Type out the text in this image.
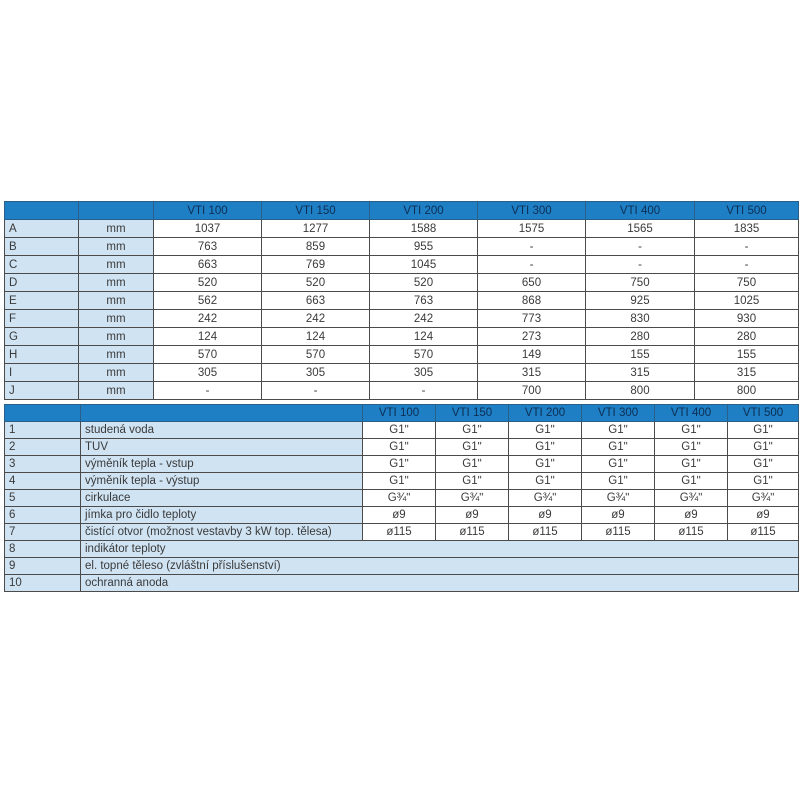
		VTI 100	VTI 150	VTI 200	VTI 300	VTI 400	VTI 500
A	mm	1037	1277	1588	1575	1565	1835
B	mm	763	859	955	-	-	-
C	mm	663	769	1045	-	-	-
D	mm	520	520	520	650	750	750
E	mm	562	663	763	868	925	1025
F	mm	242	242	242	773	830	930
G	mm	124	124	124	273	280	280
H	mm	570	570	570	149	155	155
I	mm	305	305	305	315	315	315
J	mm	-	-	-	700	800	800
		VTI 100	VTI 150	VTI 200	VTI 300	VTI 400	VTI 500
1	studená voda	G1ʺ	G1ʺ	G1ʺ	G1ʺ	G1ʺ	G1ʺ
2	TUV	G1ʺ	G1ʺ	G1ʺ	G1ʺ	G1ʺ	G1ʺ
3	výměník tepla - vstup	G1ʺ	G1ʺ	G1ʺ	G1ʺ	G1ʺ	G1ʺ
4	výměník tepla - výstup	G1ʺ	G1ʺ	G1ʺ	G1ʺ	G1ʺ	G1ʺ
5	cirkulace	G¾ʺ	G¾ʺ	G¾ʺ	G¾ʺ	G¾ʺ	G¾ʺ
6	jímka pro čidlo teploty	ø9	ø9	ø9	ø9	ø9	ø9
7	čistící otvor (možnost vestavby 3 kW top. tělesa)	ø115	ø115	ø115	ø115	ø115	ø115
8	indikátor teploty						
9	el. topné těleso (zvláštní příslušenství)						
10	ochranná anoda						
